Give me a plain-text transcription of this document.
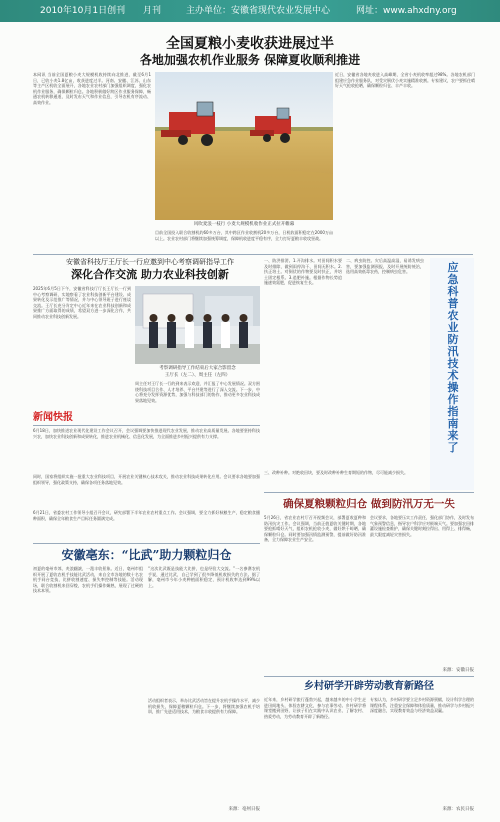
2010年10月1日创刊 月刊	主办单位：安徽省现代农业发展中心	网址：www.ahxdny.org
全国夏粮小麦收获进展过半
各地加强农机作业服务 保障夏收顺利推进
本网讯 当前全国夏粮小麦大规模机收持续向北推进，截至6月1日，已收小麦1.8亿亩，收获进度过半。河南、安徽、江苏、山东等主产区机收全面展开，各地农业农村部门加强组织调度，强化农机作业服务，确保颗粒归仓。各地积极做好跨区作业服务保障，畅通农机转移通道，及时发布天气和作业信息，引导农机有序流动、高效作业。
近日，安徽省各地麦收进入高峰期，全省小麦机收率超过98%。各地农机部门组建应急作业服务队，对受灾倒伏小麦实施精准收割。专家建议，农户要抓住晴好天气抢收抢晒，确保颗粒归仓、丰产丰收。
风吹麦浪一枝行 小麦大规模机收作业正式拉开帷幕
目前全国投入联合收割机约60多万台，其中跨区作业收割机20多万台，日机收面积稳定在2000万亩以上。农业农村部门将继续加强统筹调度，保障机收进度平稳有序，全力打好夏粮丰收攻坚战。
安徽省科技厅王厅长一行应邀到中心考察调研指导工作
深化合作交流 助力农业科技创新
2025年6月5日下午，安徽省科技厅厅长王厅长一行到中心考察调研，实地察看了农业科技创新平台建设、成果转化及示范推广等情况，并与中心领导班子进行座谈交流。王厅长充分肯定中心近年来在农业科技创新和成果推广方面取得的成绩，希望双方进一步深化合作，共同推动农业科技创新发展。
考察调研指导工作结束后大家合影留念
王厅长（左二）、周主任（左四）
周主任对王厅长一行的到来表示欢迎，并汇报了中心发展情况。双方围绕科技项目合作、人才培养、平台共建等进行了深入交流。下一步，中心将充分发挥资源优势，加强与科技部门的协作，推动更多农业科技成果落地见效。
一、防洪排涝。1.开沟排水。对田间积水要及时排除，做到雨停沟干、田间无积水。2.扶正培土。对倒伏的作物要及时扶正，并培土固定根系。3.追肥补施。根据作物长势追施速效氮肥，促进恢复生长。
二、病虫防控。灾后高温高湿，易诱发病虫害，要加强监测预报，及时开展统防统治，选用高效低毒农药，控制病虫危害。	应急科普 农业防汛技术操作指南来了
新闻快报
6月18日，加快推进农业现代化建设工作会议召开，会议强调要加快推进现代农业发展，推动农业高质量发展。各地要坚持科技兴农，加快农业科技创新和成果转化，推进农业机械化、信息化发展，为全面推进乡村振兴提供有力支撑。
同时，国家将组织实施一批重大农业科技项目，开展农业关键核心技术攻关，推动农业科技成果转化应用。会议要求各地要加强组织领导，强化政策支持，确保各项任务落地见效。
6月21日，省委农村工作领导小组召开会议，研究部署下半年农业农村重点工作。会议强调，要全力抓好秋粮生产，稳定粮食播种面积，确保全年粮食生产目标任务圆满完成。
安徽亳东：“比武”助力颗粒归仓
初夏的亳州市郊，麦浪翻滚，一派丰收景象。近日，亳州市组织开展了夏收农机手技能比武活动，来自全市各地的数十名农机手同台竞技，比拼收割速度、损失率控制等技能。活动现场，联合收割机来回穿梭，农机手们操作娴熟，展现了过硬的技术本领。
“这次比武既是技能大比拼，也是经验大交流。”一名参赛农机手说，通过比武，自己学到了很多降低机收损失的方法。据了解，亳州市今年小麦种植面积稳定，预计机收率达到99%以上。
活动组织者表示，举办比武活动旨在提升农机手操作水平，减少机收损失，保障夏粮颗粒归仓。下一步，将继续加强农机手培训，推广先进适用技术，为粮食丰收提供有力保障。
来源：亳州日报
确保夏粮颗粒归仓 做到防汛万无一失
5月26日，省农业农村厅召开视频会议，部署夏收夏种和防汛抗灾工作。会议强调，当前正值夏收关键时期，各地要抢抓晴好天气，组织农机抢收小麦，做好烘干晾晒，确保颗粒归仓。同时要加强汛情监测预警，提前做好防汛准备，全力保障农业生产安全。
会议要求，各地要压实工作责任，强化部门协作，及时发布气象预警信息，指导农户科学应对极端天气。要加强农田排灌设施检查维护，确保关键时刻拉得出、用得上、排得畅，最大限度减轻灾害损失。
来源：安徽日报
乡村研学开辟劳动教育新路径
近年来，乡村研学旅行蓬勃兴起，越来越多的中小学生走进田间地头，体验农耕文化，参与农事劳动。乡村研学将课堂搬到田野，让孩子们在实践中认识农业、了解农村、热爱劳动，为劳动教育开辟了新路径。
专家认为，乡村研学要立足乡村资源禀赋，设计科学合理的课程体系，注重安全保障和体验质量，推动研学与乡村振兴深度融合，实现教育效益与经济效益双赢。
来源：农民日报
三、改种补种。对绝收田块，要及时改种补种生育期短的作物，尽可能减少损失。
